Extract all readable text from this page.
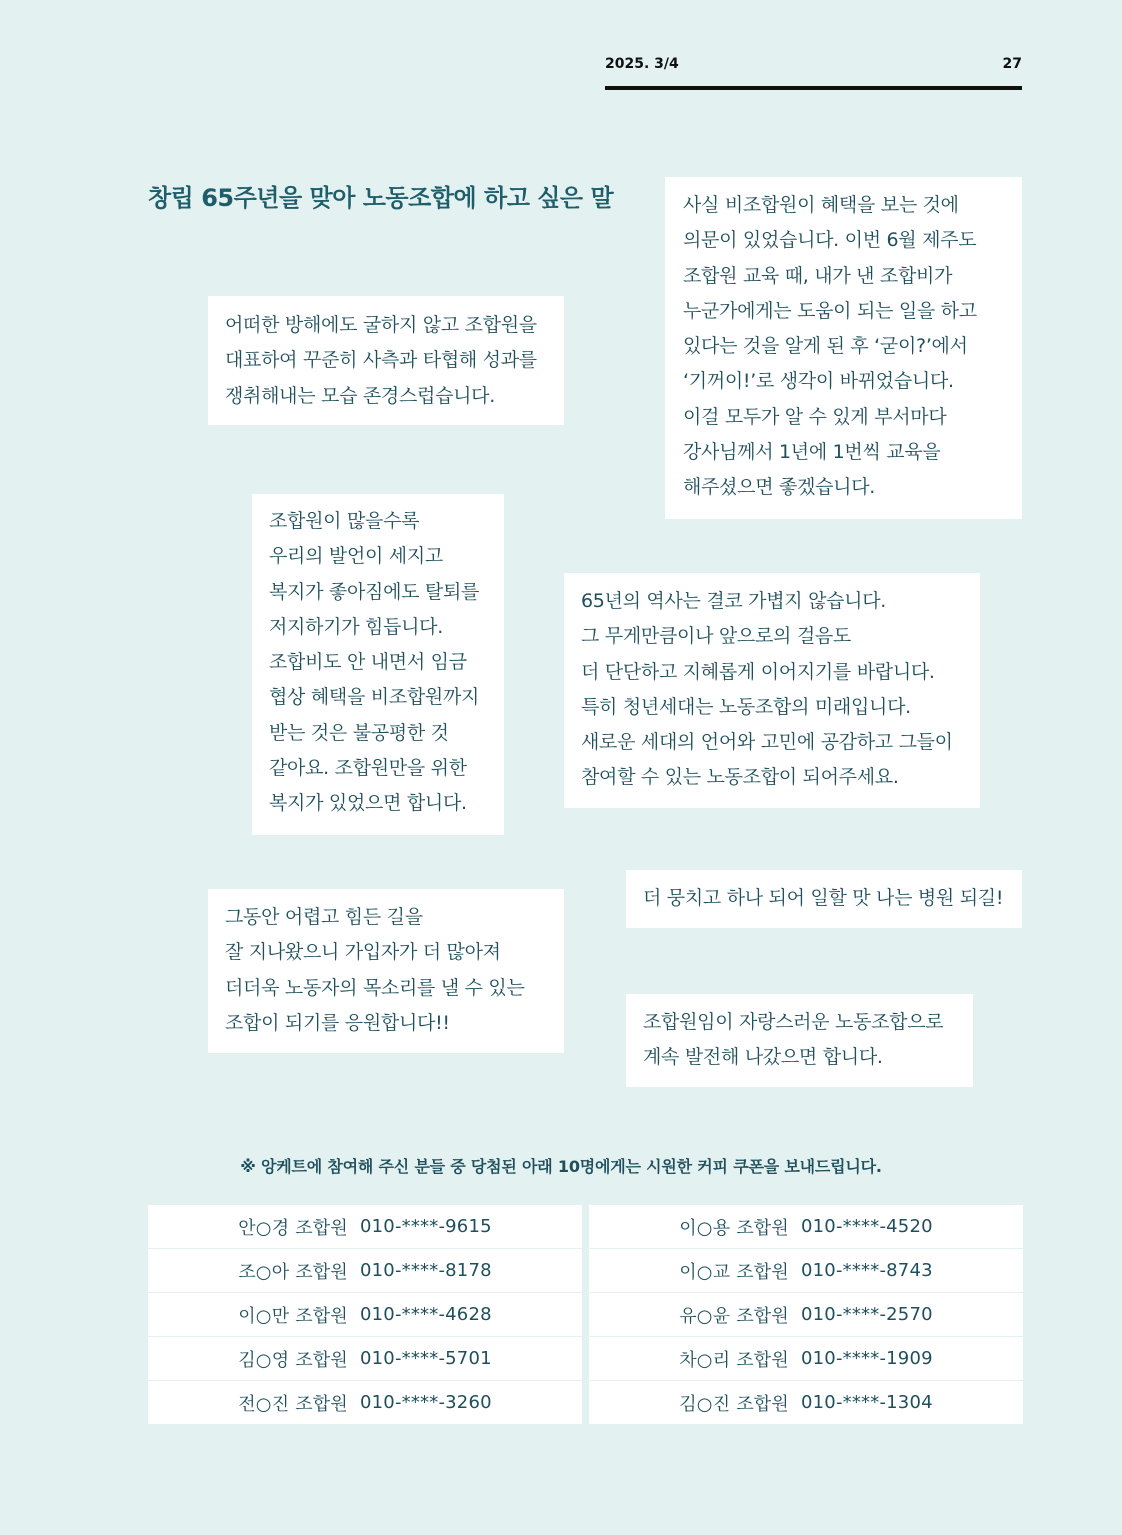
2025. 3/4	27
창립 65주년을 맞아 노동조합에 하고 싶은 말
어떠한 방해에도 굴하지 않고 조합원을
대표하여 꾸준히 사측과 타협해 성과를
쟁취해내는 모습 존경스럽습니다.
사실 비조합원이 혜택을 보는 것에
의문이 있었습니다. 이번 6월 제주도
조합원 교육 때, 내가 낸 조합비가
누군가에게는 도움이 되는 일을 하고
있다는 것을 알게 된 후 ‘굳이?’에서
‘기꺼이!’로 생각이 바뀌었습니다.
이걸 모두가 알 수 있게 부서마다
강사님께서 1년에 1번씩 교육을
해주셨으면 좋겠습니다.
조합원이 많을수록
우리의 발언이 세지고
복지가 좋아짐에도 탈퇴를
저지하기가 힘듭니다.
조합비도 안 내면서 임금
협상 혜택을 비조합원까지
받는 것은 불공평한 것
같아요. 조합원만을 위한
복지가 있었으면 합니다.
65년의 역사는 결코 가볍지 않습니다.
그 무게만큼이나 앞으로의 걸음도
더 단단하고 지혜롭게 이어지기를 바랍니다.
특히 청년세대는 노동조합의 미래입니다.
새로운 세대의 언어와 고민에 공감하고 그들이
참여할 수 있는 노동조합이 되어주세요.
그동안 어렵고 힘든 길을
잘 지나왔으니 가입자가 더 많아져
더더욱 노동자의 목소리를 낼 수 있는
조합이 되기를 응원합니다!!
더 뭉치고 하나 되어 일할 맛 나는 병원 되길!
조합원임이 자랑스러운 노동조합으로
계속 발전해 나갔으면 합니다.
※ 앙케트에 참여해 주신 분들 중 당첨된 아래 10명에게는 시원한 커피 쿠폰을 보내드립니다.
안○경 조합원 010-****-9615
조○아 조합원 010-****-8178
이○만 조합원 010-****-4628
김○영 조합원 010-****-5701
전○진 조합원 010-****-3260
이○용 조합원 010-****-4520
이○교 조합원 010-****-8743
유○윤 조합원 010-****-2570
차○리 조합원 010-****-1909
김○진 조합원 010-****-1304
